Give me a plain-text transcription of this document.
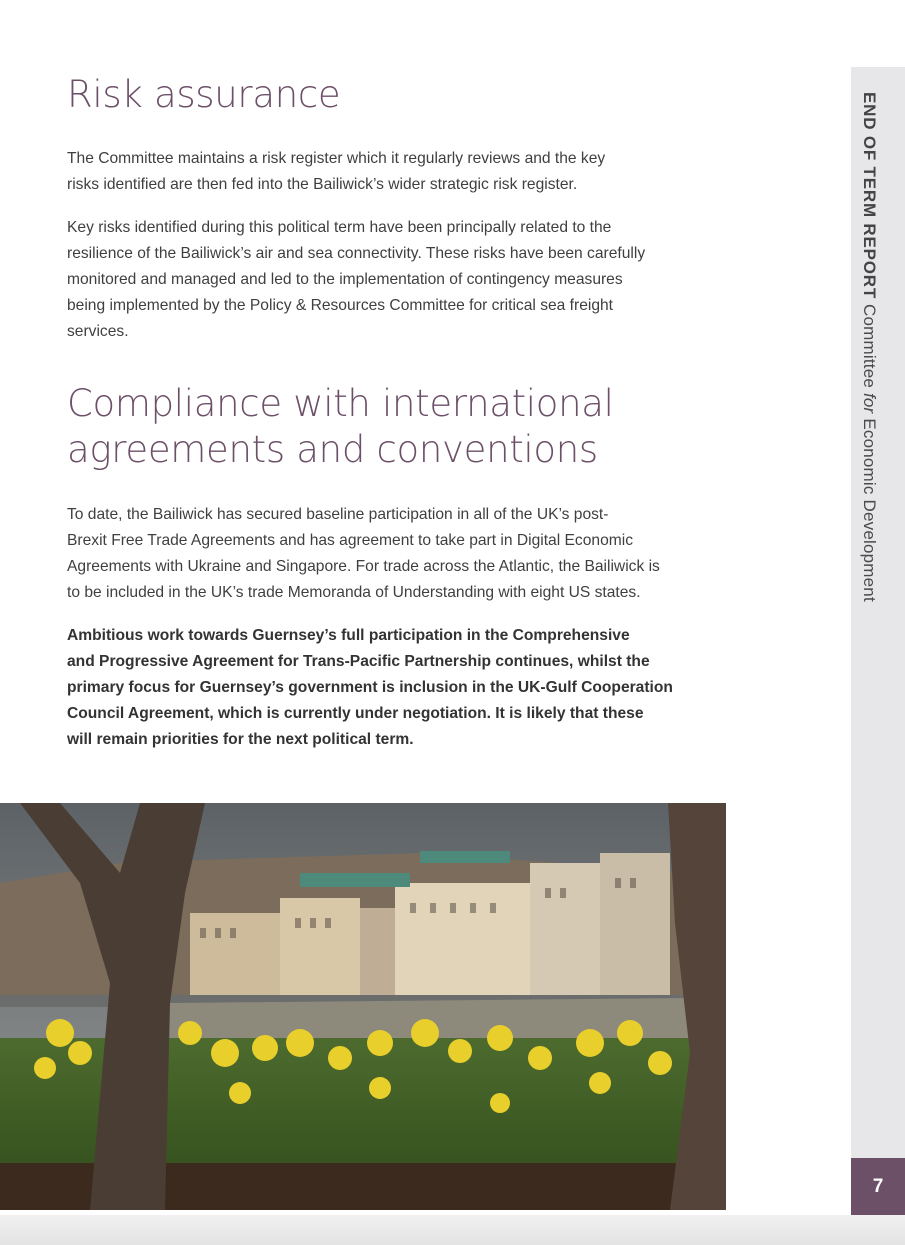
Risk assurance

The Committee maintains a risk register which it regularly reviews and the key

risks identified are then fed into the Bailiwick’s wider strategic risk register.

Key risks identified during this political term have been principally related to the

resilience of the Bailiwick’s air and sea connectivity. These risks have been carefully

monitored and managed and led to the implementation of contingency measures

being implemented by the Policy & Resources Committee for critical sea freight

services.

Compliance with international
agreements and conventions

To date, the Bailiwick has secured baseline participation in all of the UK’s post-

Brexit Free Trade Agreements and has agreement to take part in Digital Economic

Agreements with Ukraine and Singapore. For trade across the Atlantic, the Bailiwick is

to be included in the UK’s trade Memoranda of Understanding with eight US states.

Ambitious work towards Guernsey’s full participation in the Comprehensive

and Progressive Agreement for Trans-Pacific Partnership continues, whilst the

primary focus for Guernsey’s government is inclusion in the UK-Gulf Cooperation

Council Agreement, which is currently under negotiation. It is likely that these

will remain priorities for the next political term.

END OF TERM REPORT Committee for Economic Development
7
